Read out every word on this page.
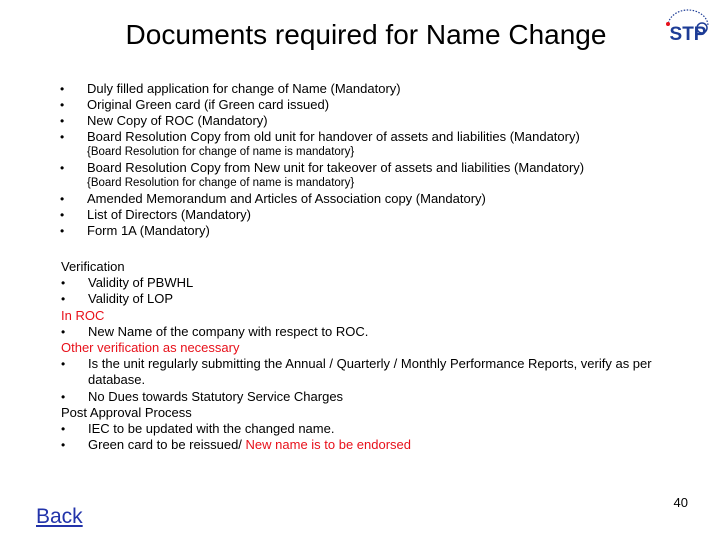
Documents required for Name Change	STP
• Duly filled application for change of Name (Mandatory)
• Original Green card (if Green card issued)
• New Copy of ROC (Mandatory)
• Board Resolution Copy from old unit for handover of assets and liabilities (Mandatory)
{Board Resolution for change of name is mandatory}
• Board Resolution Copy from New unit for takeover of assets and liabilities (Mandatory)
{Board Resolution for change of name is mandatory}
• Amended Memorandum and Articles of Association copy (Mandatory)
• List of Directors (Mandatory)
• Form 1A (Mandatory)
Verification
• Validity of PBWHL
• Validity of LOP
In ROC
• New Name of the company with respect to ROC.
Other verification as necessary
• Is the unit regularly submitting the Annual / Quarterly / Monthly Performance Reports, verify as per database.
• No Dues towards Statutory Service Charges
Post Approval Process
• IEC to be updated with the changed name.
• Green card to be reissued/ New name is to be endorsed
Back
40
